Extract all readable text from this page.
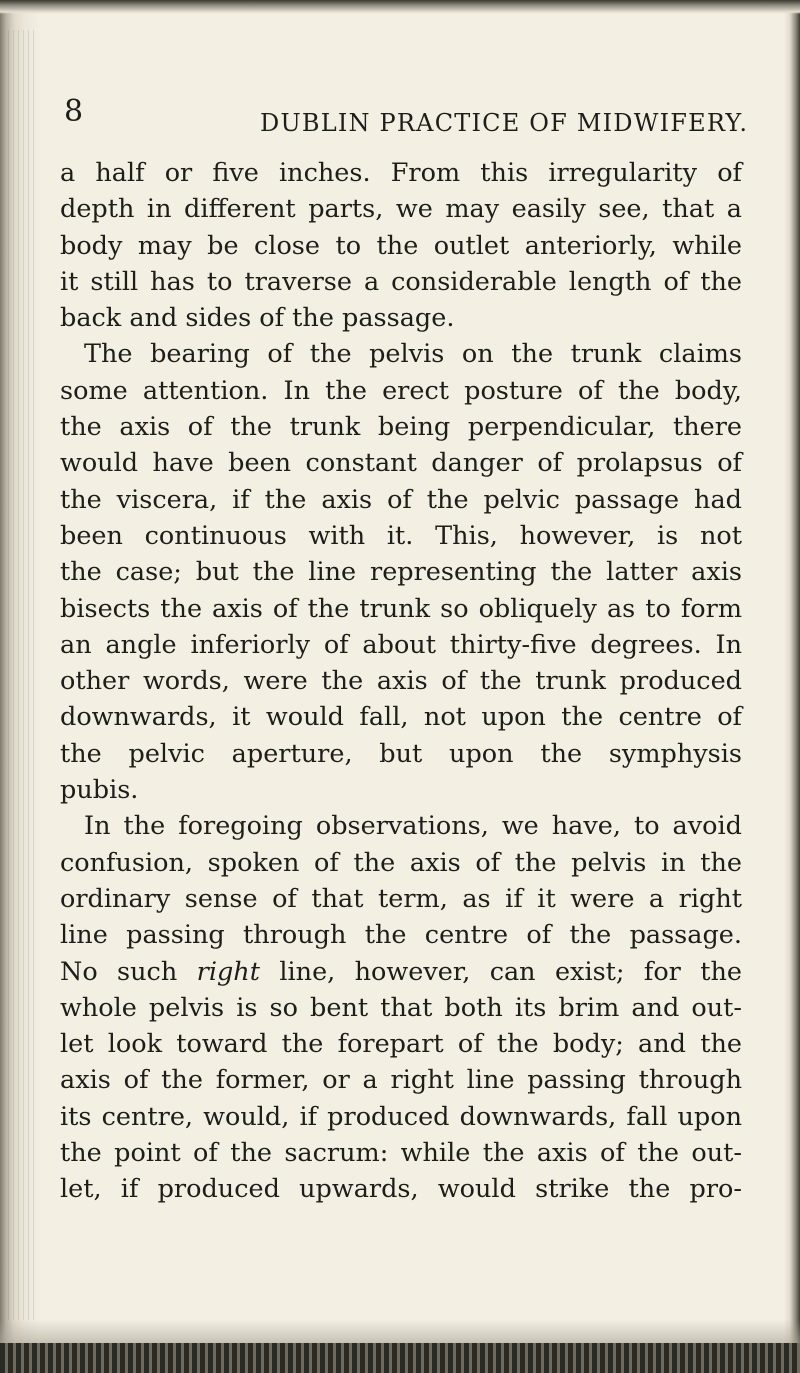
8	DUBLIN PRACTICE OF MIDWIFERY.
a half or five inches. From this irregularity of
depth in different parts, we may easily see, that a
body may be close to the outlet anteriorly, while
it still has to traverse a considerable length of the
back and sides of the passage.
The bearing of the pelvis on the trunk claims
some attention. In the erect posture of the body,
the axis of the trunk being perpendicular, there
would have been constant danger of prolapsus of
the viscera, if the axis of the pelvic passage had
been continuous with it. This, however, is not
the case; but the line representing the latter axis
bisects the axis of the trunk so obliquely as to form
an angle inferiorly of about thirty-five degrees. In
other words, were the axis of the trunk produced
downwards, it would fall, not upon the centre of
the pelvic aperture, but upon the symphysis
pubis.
In the foregoing observations, we have, to avoid
confusion, spoken of the axis of the pelvis in the
ordinary sense of that term, as if it were a right
line passing through the centre of the passage.
No such right line, however, can exist; for the
whole pelvis is so bent that both its brim and out-
let look toward the forepart of the body; and the
axis of the former, or a right line passing through
its centre, would, if produced downwards, fall upon
the point of the sacrum: while the axis of the out-
let, if produced upwards, would strike the pro-
